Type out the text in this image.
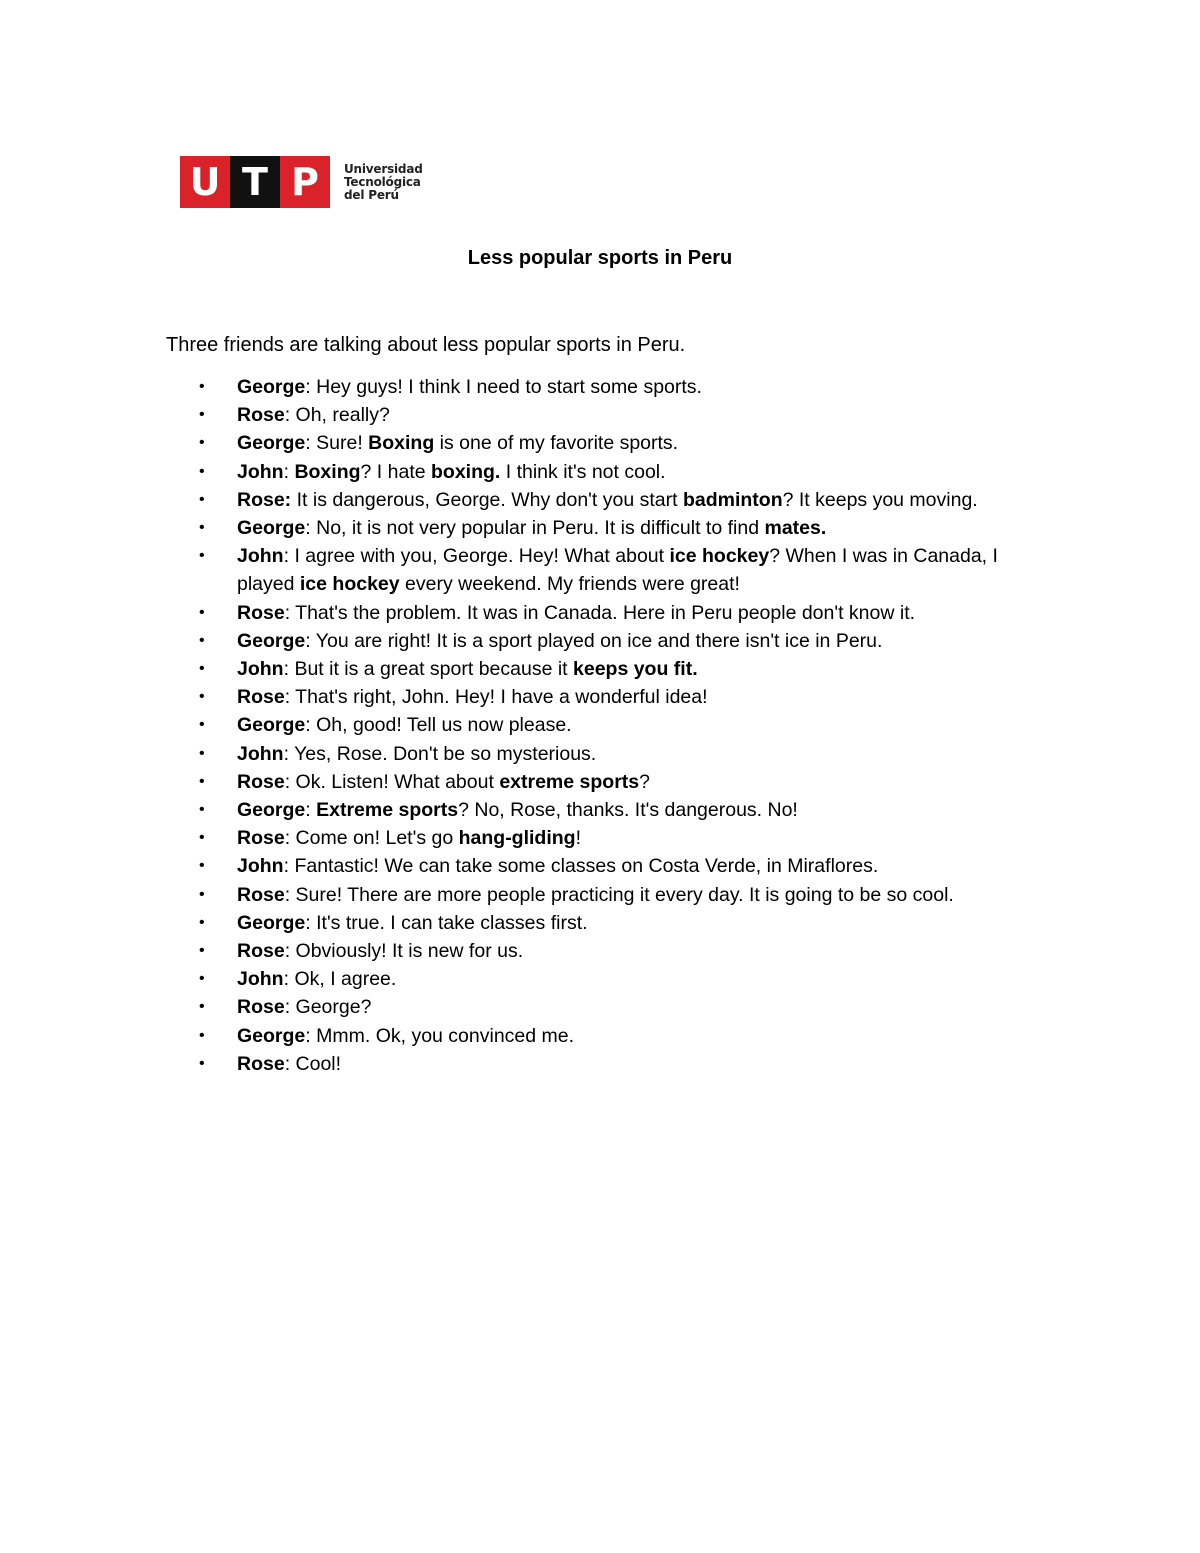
U T P	Universidad
Tecnológica
del Perú
Less popular sports in Peru
Three friends are talking about less popular sports in Peru.
• George: Hey guys! I think I need to start some sports.
• Rose: Oh, really?
• George: Sure! Boxing is one of my favorite sports.
• John: Boxing? I hate boxing. I think it's not cool.
• Rose: It is dangerous, George. Why don't you start badminton? It keeps you moving.
• George: No, it is not very popular in Peru. It is difficult to find mates.
• John: I agree with you, George. Hey! What about ice hockey? When I was in Canada, I played ice hockey every weekend. My friends were great!
• Rose: That's the problem. It was in Canada. Here in Peru people don't know it.
• George: You are right! It is a sport played on ice and there isn't ice in Peru.
• John: But it is a great sport because it keeps you fit.
• Rose: That's right, John. Hey! I have a wonderful idea!
• George: Oh, good! Tell us now please.
• John: Yes, Rose. Don't be so mysterious.
• Rose: Ok. Listen! What about extreme sports?
• George: Extreme sports? No, Rose, thanks. It's dangerous. No!
• Rose: Come on! Let's go hang-gliding!
• John: Fantastic! We can take some classes on Costa Verde, in Miraflores.
• Rose: Sure! There are more people practicing it every day. It is going to be so cool.
• George: It's true. I can take classes first.
• Rose: Obviously! It is new for us.
• John: Ok, I agree.
• Rose: George?
• George: Mmm. Ok, you convinced me.
• Rose: Cool!
